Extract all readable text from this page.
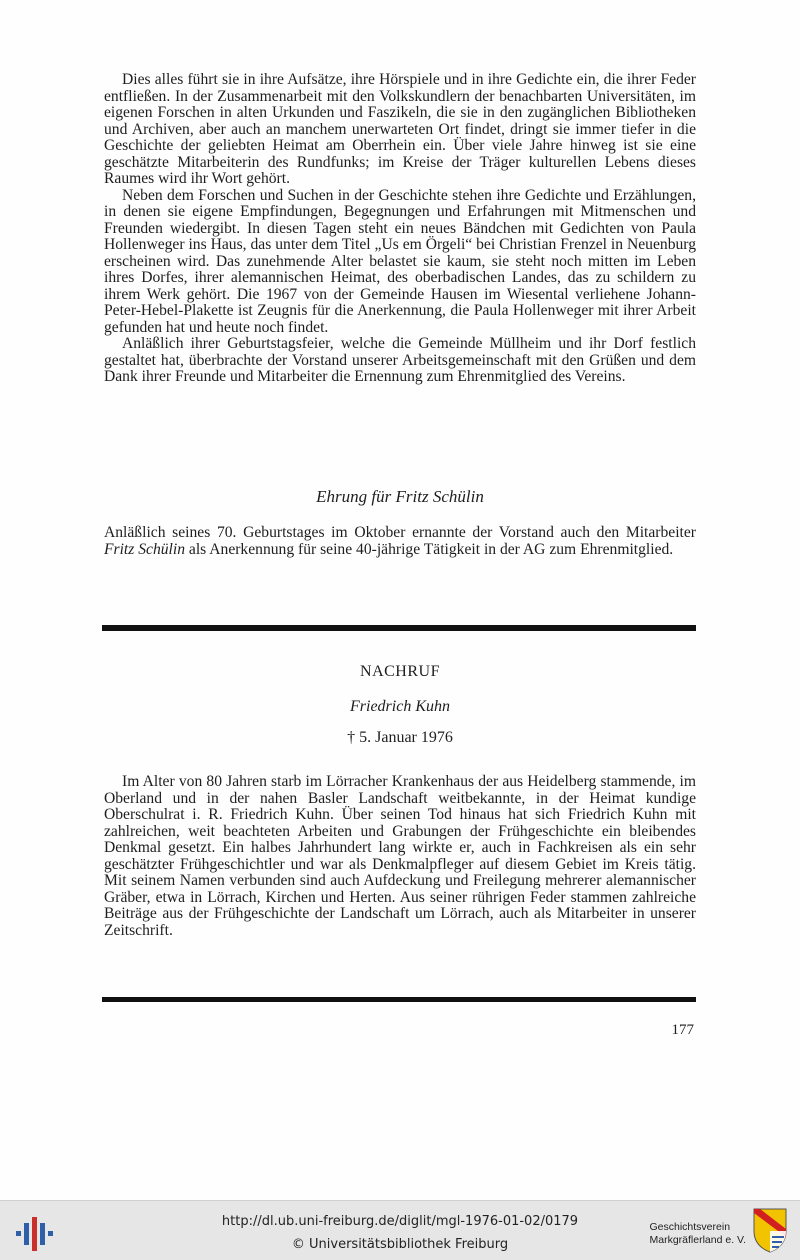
Dies alles führt sie in ihre Aufsätze, ihre Hörspiele und in ihre Gedichte ein, die ihrer Feder entfließen. In der Zusammenarbeit mit den Volkskundlern der benachbarten Universitäten, im eigenen Forschen in alten Urkunden und Faszikeln, die sie in den zugänglichen Bibliotheken und Archiven, aber auch an manchem unerwarteten Ort findet, dringt sie immer tiefer in die Geschichte der geliebten Heimat am Oberrhein ein. Über viele Jahre hinweg ist sie eine geschätzte Mitarbeiterin des Rundfunks; im Kreise der Träger kulturellen Lebens dieses Raumes wird ihr Wort gehört.

Neben dem Forschen und Suchen in der Geschichte stehen ihre Gedichte und Erzählungen, in denen sie eigene Empfindungen, Begegnungen und Erfahrungen mit Mitmenschen und Freunden wiedergibt. In diesen Tagen steht ein neues Bändchen mit Gedichten von Paula Hollenweger ins Haus, das unter dem Titel „Us em Örgeli“ bei Christian Frenzel in Neuenburg erscheinen wird. Das zunehmende Alter belastet sie kaum, sie steht noch mitten im Leben ihres Dorfes, ihrer alemannischen Heimat, des oberbadischen Landes, das zu schildern zu ihrem Werk gehört. Die 1967 von der Gemeinde Hausen im Wiesental verliehene Johann-Peter-Hebel-Plakette ist Zeugnis für die Anerkennung, die Paula Hollenweger mit ihrer Arbeit gefunden hat und heute noch findet.

Anläßlich ihrer Geburtstagsfeier, welche die Gemeinde Müllheim und ihr Dorf festlich gestaltet hat, überbrachte der Vorstand unserer Arbeitsgemeinschaft mit den Grüßen und dem Dank ihrer Freunde und Mitarbeiter die Ernennung zum Ehrenmitglied des Vereins.

Ehrung für Fritz Schülin

Anläßlich seines 70. Geburtstages im Oktober ernannte der Vorstand auch den Mitarbeiter Fritz Schülin als Anerkennung für seine 40-jährige Tätigkeit in der AG zum Ehrenmitglied.

NACHRUF
Friedrich Kuhn
† 5. Januar 1976

Im Alter von 80 Jahren starb im Lörracher Krankenhaus der aus Heidelberg stammende, im Oberland und in der nahen Basler Landschaft weitbekannte, in der Heimat kundige Oberschulrat i. R. Friedrich Kuhn. Über seinen Tod hinaus hat sich Friedrich Kuhn mit zahlreichen, weit beachteten Arbeiten und Grabungen der Frühgeschichte ein bleibendes Denkmal gesetzt. Ein halbes Jahrhundert lang wirkte er, auch in Fachkreisen als ein sehr geschätzter Frühgeschichtler und war als Denkmalpfleger auf diesem Gebiet im Kreis tätig. Mit seinem Namen verbunden sind auch Aufdeckung und Freilegung mehrerer alemannischer Gräber, etwa in Lörrach, Kirchen und Herten. Aus seiner rührigen Feder stammen zahlreiche Beiträge aus der Frühgeschichte der Landschaft um Lörrach, auch als Mitarbeiter in unserer Zeitschrift.

177
http://dl.ub.uni-freiburg.de/diglit/mgl-1976-01-02/0179
© Universitätsbibliothek Freiburg
Geschichtsverein
Markgräflerland e. V.
